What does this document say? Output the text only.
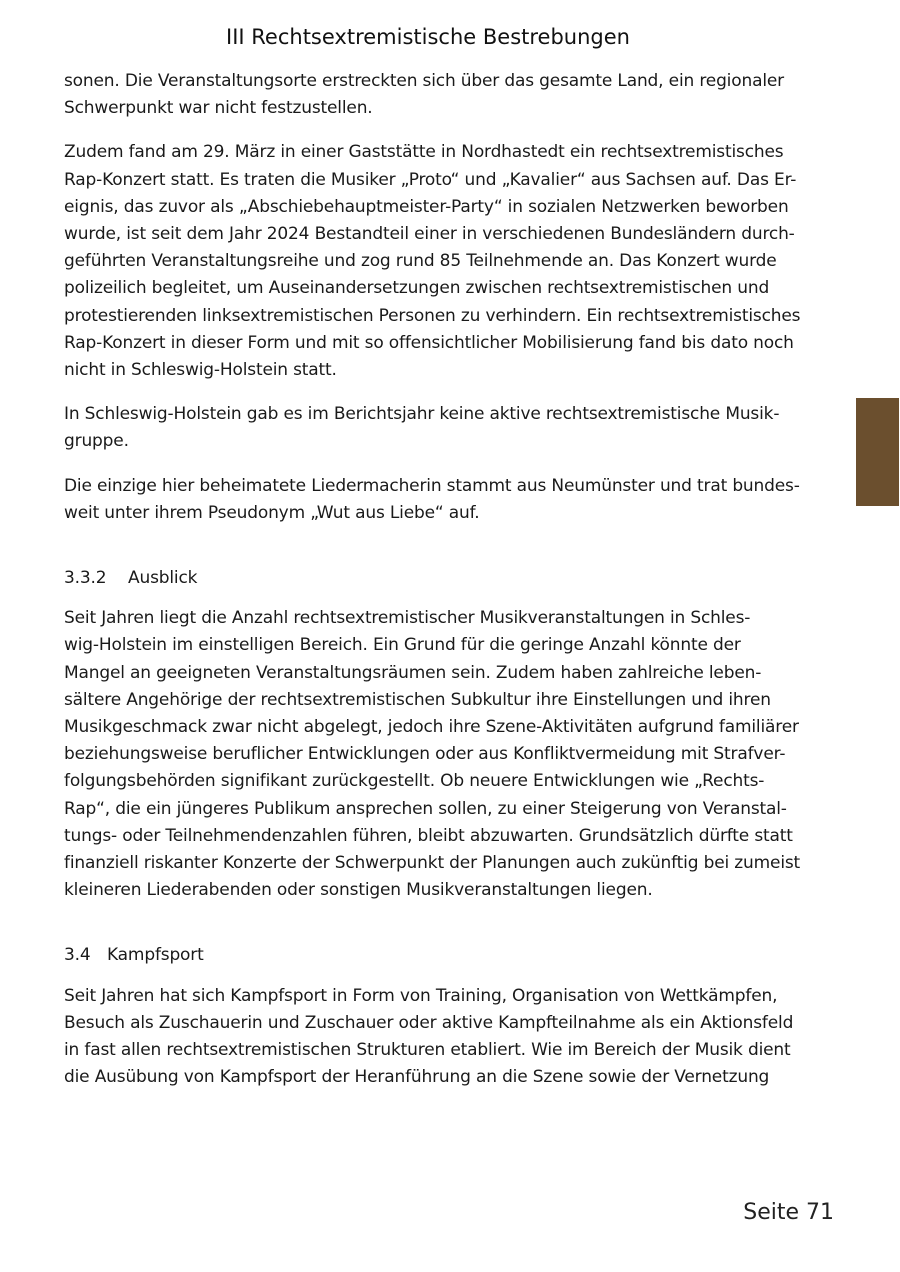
III Rechtsextremistische Bestrebungen
sonen. Die Veranstaltungsorte erstreckten sich über das gesamte Land, ein regionaler
Schwerpunkt war nicht festzustellen.
Zudem fand am 29. März in einer Gaststätte in Nordhastedt ein rechtsextremistisches
Rap-Konzert statt. Es traten die Musiker „Proto“ und „Kavalier“ aus Sachsen auf. Das Er-
eignis, das zuvor als „Abschiebehauptmeister-Party“ in sozialen Netzwerken beworben
wurde, ist seit dem Jahr 2024 Bestandteil einer in verschiedenen Bundesländern durch-
geführten Veranstaltungsreihe und zog rund 85 Teilnehmende an. Das Konzert wurde
polizeilich begleitet, um Auseinandersetzungen zwischen rechtsextremistischen und
protestierenden linksextremistischen Personen zu verhindern. Ein rechtsextremistisches
Rap-Konzert in dieser Form und mit so offensichtlicher Mobilisierung fand bis dato noch
nicht in Schleswig-Holstein statt.
In Schleswig-Holstein gab es im Berichtsjahr keine aktive rechtsextremistische Musik-
gruppe.
Die einzige hier beheimatete Liedermacherin stammt aus Neumünster und trat bundes-
weit unter ihrem Pseudonym „Wut aus Liebe“ auf.
3.3.2 Ausblick
Seit Jahren liegt die Anzahl rechtsextremistischer Musikveranstaltungen in Schles-
wig-Holstein im einstelligen Bereich. Ein Grund für die geringe Anzahl könnte der
Mangel an geeigneten Veranstaltungsräumen sein. Zudem haben zahlreiche leben-
sältere Angehörige der rechtsextremistischen Subkultur ihre Einstellungen und ihren
Musikgeschmack zwar nicht abgelegt, jedoch ihre Szene-Aktivitäten aufgrund familiärer
beziehungsweise beruflicher Entwicklungen oder aus Konfliktvermeidung mit Strafver-
folgungsbehörden signifikant zurückgestellt. Ob neuere Entwicklungen wie „Rechts-
Rap“, die ein jüngeres Publikum ansprechen sollen, zu einer Steigerung von Veranstal-
tungs- oder Teilnehmendenzahlen führen, bleibt abzuwarten. Grundsätzlich dürfte statt
finanziell riskanter Konzerte der Schwerpunkt der Planungen auch zukünftig bei zumeist
kleineren Liederabenden oder sonstigen Musikveranstaltungen liegen.
3.4 Kampfsport
Seit Jahren hat sich Kampfsport in Form von Training, Organisation von Wettkämpfen,
Besuch als Zuschauerin und Zuschauer oder aktive Kampfteilnahme als ein Aktionsfeld
in fast allen rechtsextremistischen Strukturen etabliert. Wie im Bereich der Musik dient
die Ausübung von Kampfsport der Heranführung an die Szene sowie der Vernetzung
Seite 71
